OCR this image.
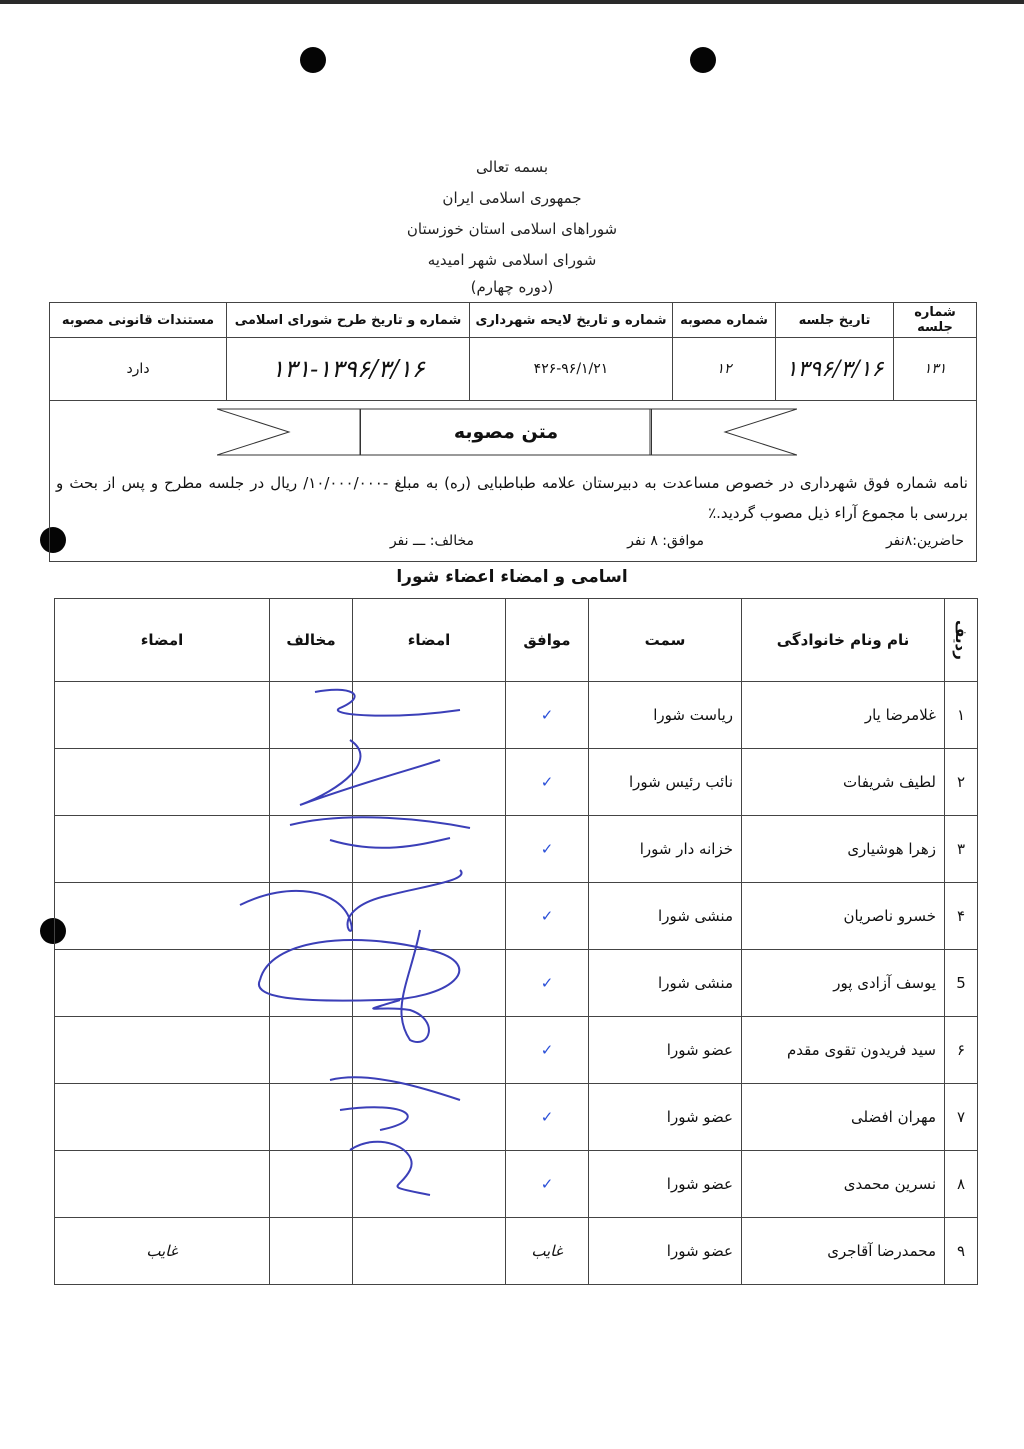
بسمه تعالی
جمهوری اسلامی ایران
شوراهای اسلامی استان خوزستان
شورای اسلامی شهر امیدیه
(دوره چهارم)
شماره جلسه	تاریخ جلسه	شماره مصوبه	شماره و تاریخ لایحه شهرداری	شماره و تاریخ طرح شورای اسلامی	مستندات قانونی مصوبه
۱۳۱	۱۳۹۶/۳/۱۶	۱۲	۴۲۶-۹۶/۱/۲۱	۱۳۱-۱۳۹۶/۳/۱۶	دارد
متن مصوبه
نامه شماره فوق شهرداری در خصوص مساعدت به دبیرستان علامه طباطبایی (ره) به مبلغ -۱۰/۰۰۰/۰۰۰/ ریال در جلسه مطرح و پس از بحث و بررسی با مجموع آراء ذیل مصوب گردید.٪
حاضرین:۸نفر
موافق: ۸ نفر
مخالف: ـــ نفر
اسامی و امضاء اعضاء شورا
ردیف	نام ونام خانوادگی	سمت	موافق	امضاء	مخالف	امضاء
۱	غلامرضا یار	ریاست شورا	✓			
۲	لطیف شریفات	نائب رئیس شورا	✓			
۳	زهرا هوشیاری	خزانه دار شورا	✓			
۴	خسرو ناصریان	منشی شورا	✓			
5	یوسف آزادی پور	منشی شورا	✓			
۶	سید فریدون تقوی مقدم	عضو شورا	✓			
۷	مهران افضلی	عضو شورا	✓			
۸	نسرین محمدی	عضو شورا	✓			
۹	محمدرضا آقاجری	عضو شورا	غایب			غایب
